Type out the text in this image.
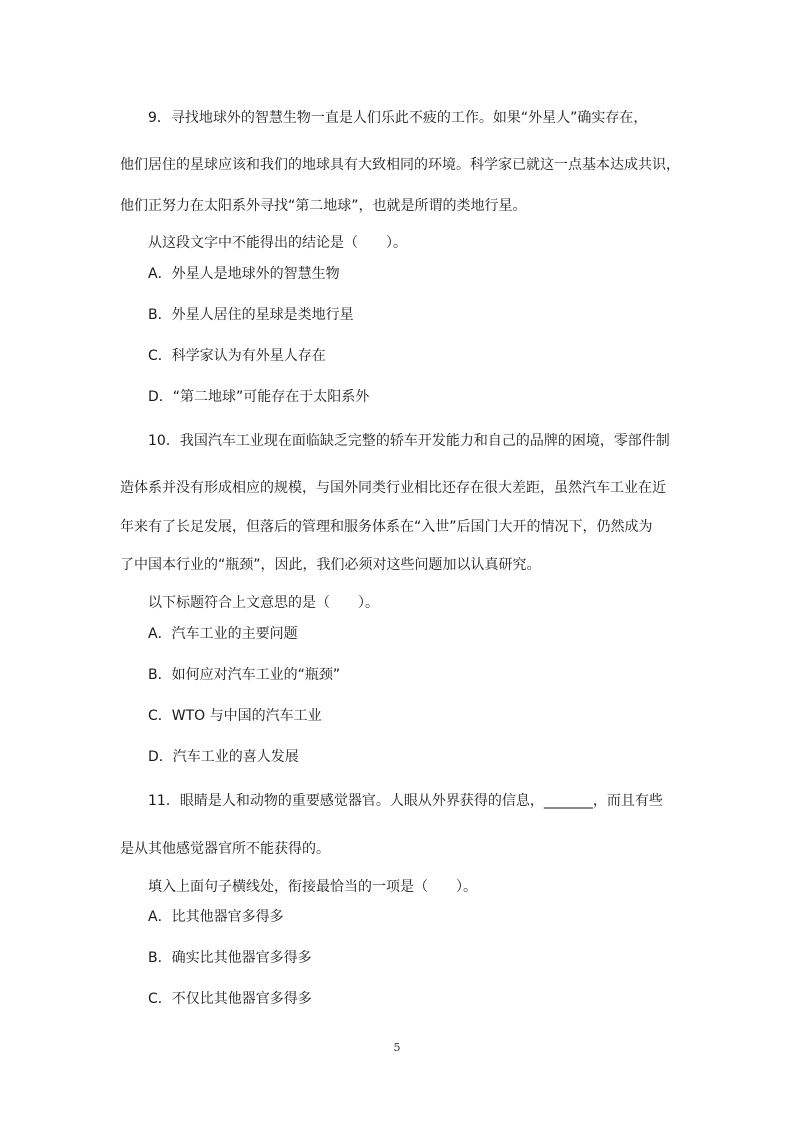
9．寻找地球外的智慧生物一直是人们乐此不疲的工作。如果“外星人”确实存在，
他们居住的星球应该和我们的地球具有大致相同的环境。科学家已就这一点基本达成共识，
他们正努力在太阳系外寻找“第二地球”，也就是所谓的类地行星。
从这段文字中不能得出的结论是（　　）。
A．外星人是地球外的智慧生物
B．外星人居住的星球是类地行星
C．科学家认为有外星人存在
D．“第二地球”可能存在于太阳系外
10．我国汽车工业现在面临缺乏完整的轿车开发能力和自己的品牌的困境，零部件制
造体系并没有形成相应的规模，与国外同类行业相比还存在很大差距，虽然汽车工业在近
年来有了长足发展，但落后的管理和服务体系在“入世”后国门大开的情况下，仍然成为
了中国本行业的“瓶颈”，因此，我们必须对这些问题加以认真研究。
以下标题符合上文意思的是（　　）。
A．汽车工业的主要问题
B．如何应对汽车工业的“瓶颈”
C．WTO 与中国的汽车工业
D．汽车工业的喜人发展
11．眼睛是人和动物的重要感觉器官。人眼从外界获得的信息，_______，而且有些
是从其他感觉器官所不能获得的。
填入上面句子横线处，衔接最恰当的一项是（　　）。
A．比其他器官多得多
B．确实比其他器官多得多
C．不仅比其他器官多得多
5
